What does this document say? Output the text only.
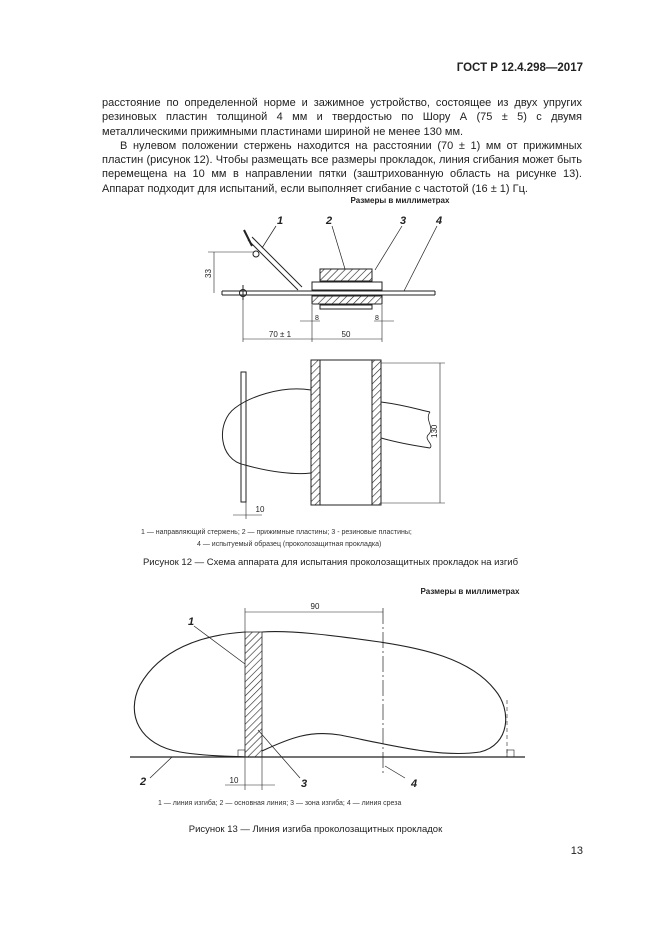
ГОСТ Р 12.4.298—2017

расстояние по определенной норме и зажимное устройство, состоящее из двух упругих резиновых пластин толщиной 4 мм и твердостью по Шору А (75 ± 5) с двумя металлическими прижимными пластинами шириной не менее 130 мм.

В нулевом положении стержень находится на расстоянии (70 ± 1) мм от прижимных пластин (рисунок 12). Чтобы размещать все размеры прокладок, линия сгибания может быть перемещена на 10 мм в направлении пятки (заштрихованную область на рисунке 13). Аппарат подходит для испытаний, если выполняет сгибание с частотой (16 ± 1) Гц.

Размеры в миллиметрах
1	2	3	4
33
70 ± 1	50
8	8
130
10
1 — направляющий стержень; 2 — прижимные пластины; 3 - резиновые пластины;
4 — испытуемый образец (проколозащитная прокладка)
Рисунок 12 — Схема аппарата для испытания проколозащитных прокладок на изгиб
Размеры в миллиметрах
90
10
1
2	3	4
1 — линия изгиба; 2 — основная линия; 3 — зона изгиба; 4 — линия среза
Рисунок 13 — Линия изгиба проколозащитных прокладок
13
